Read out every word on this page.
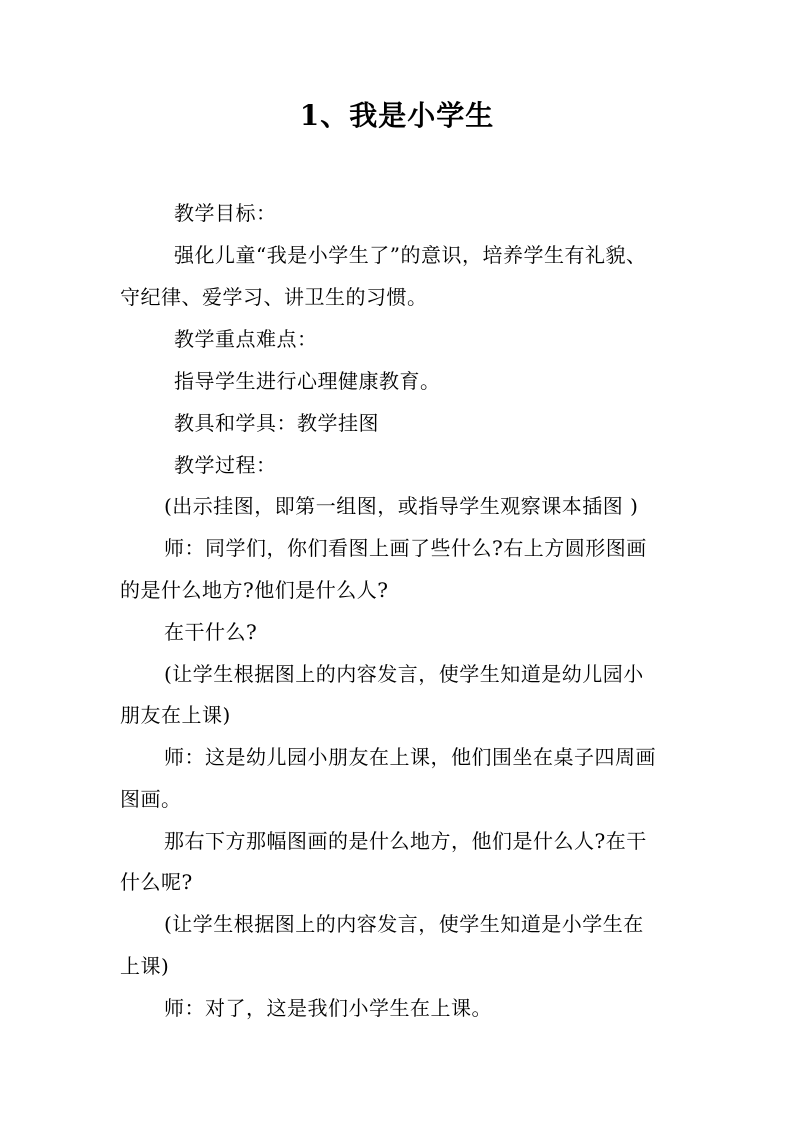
1、我是小学生
教学目标：
强化儿童“我是小学生了”的意识，培养学生有礼貌、
守纪律、爱学习、讲卫生的习惯。
教学重点难点：
指导学生进行心理健康教育。
教具和学具：教学挂图
教学过程：
(出示挂图，即第一组图，或指导学生观察课本插图 )
师：同学们，你们看图上画了些什么?右上方圆形图画
的是什么地方?他们是什么人?
在干什么?
(让学生根据图上的内容发言，使学生知道是幼儿园小
朋友在上课)
师：这是幼儿园小朋友在上课，他们围坐在桌子四周画
图画。
那右下方那幅图画的是什么地方，他们是什么人?在干
什么呢?
(让学生根据图上的内容发言，使学生知道是小学生在
上课)
师：对了，这是我们小学生在上课。
